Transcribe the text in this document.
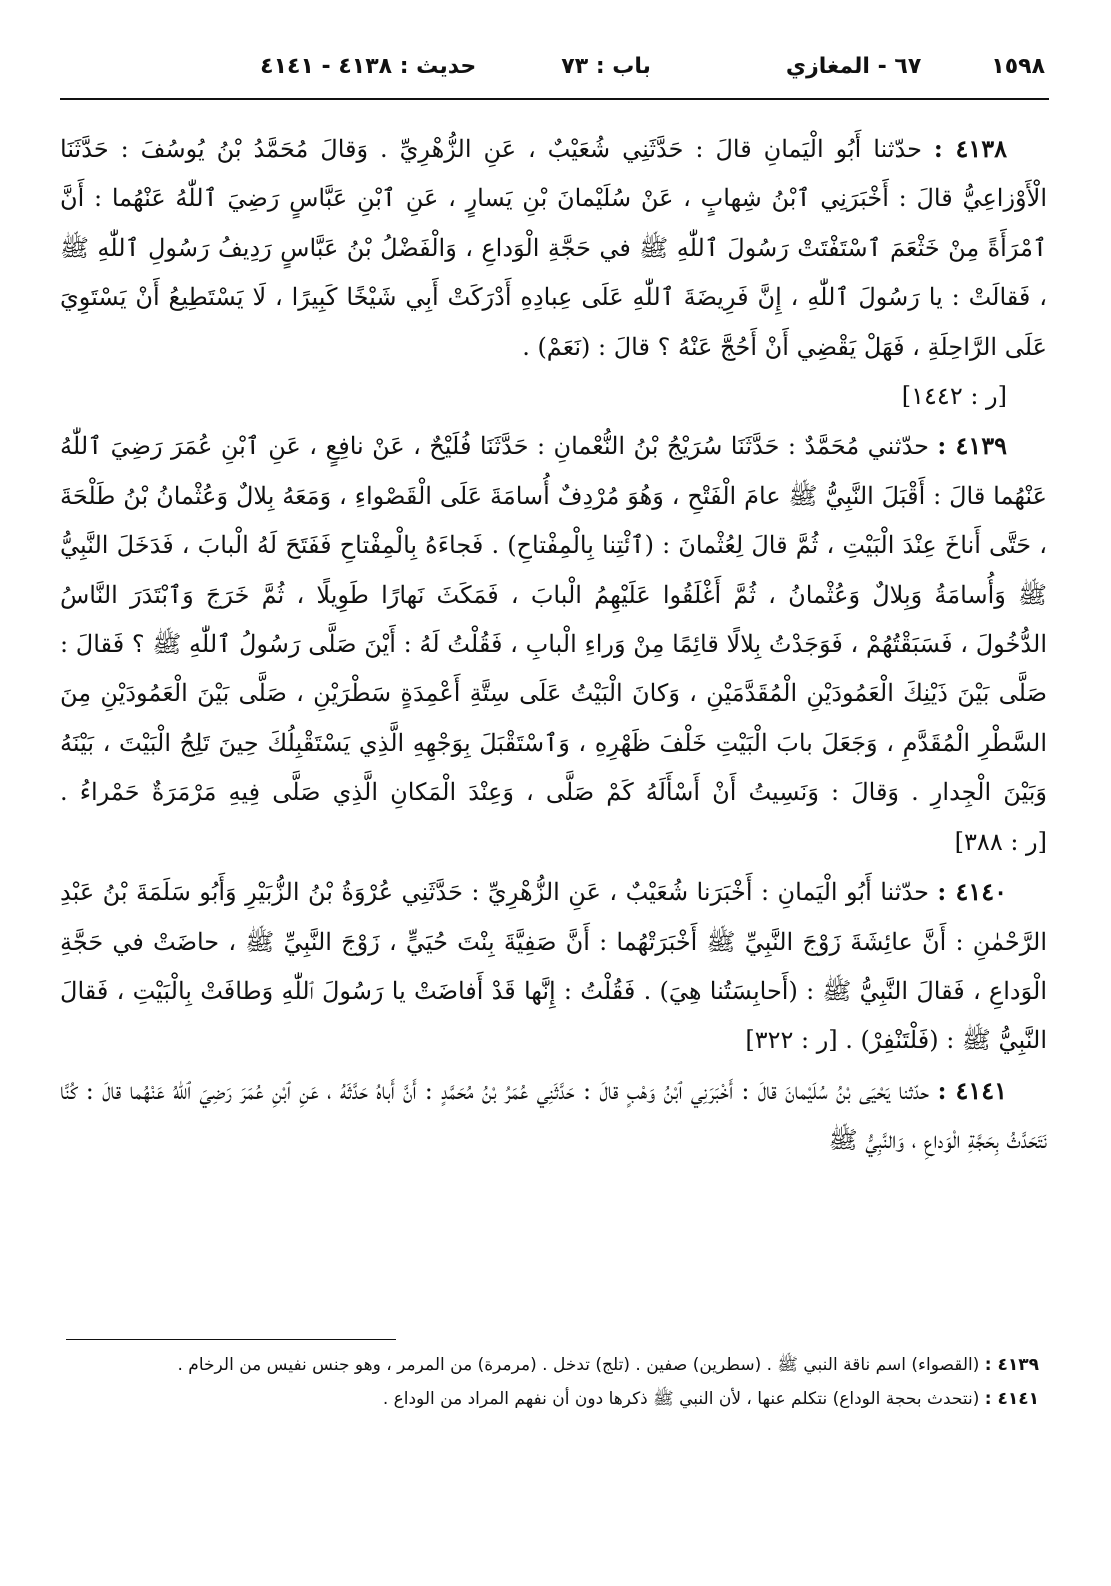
١٥٩٨
٦٧ - المغازي
باب : ٧٣
حديث : ٤١٣٨ - ٤١٤١

٤١٣٨ : حدّثنا أَبُو الْيَمانِ قالَ : حَدَّثَنِي شُعَيْبٌ ، عَنِ الزُّهْرِيِّ . وَقالَ مُحَمَّدُ بْنُ يُوسُفَ : حَدَّثَنَا الْأَوْزاعِيُّ قالَ : أَخْبَرَنِي ٱبْنُ شِهابٍ ، عَنْ سُلَيْمانَ بْنِ يَسارٍ ، عَنِ ٱبْنِ عَبَّاسٍ رَضِيَ ٱللّٰهُ عَنْهُما : أَنَّ ٱمْرَأَةً مِنْ خَثْعَمَ ٱسْتَفْتَتْ رَسُولَ ٱللّٰهِ ﷺ في حَجَّةِ الْوَداعِ ، وَالْفَضْلُ بْنُ عَبَّاسٍ رَدِيفُ رَسُولِ ٱللّٰهِ ﷺ ، فَقالَتْ : يا رَسُولَ ٱللّٰهِ ، إِنَّ فَرِيضَةَ ٱللّٰهِ عَلَى عِبادِهِ أَدْرَكَتْ أَبِي شَيْخًا كَبِيرًا ، لَا يَسْتَطِيعُ أَنْ يَسْتَوِيَ عَلَى الرَّاحِلَةِ ، فَهَلْ يَقْضِي أَنْ أَحُجَّ عَنْهُ ؟ قالَ : (نَعَمْ) .

[ر : ١٤٤٢]

٤١٣٩ : حدّثني مُحَمَّدٌ : حَدَّثَنَا سُرَيْجُ بْنُ النُّعْمانِ : حَدَّثَنَا فُلَيْحٌ ، عَنْ نافِعٍ ، عَنِ ٱبْنِ عُمَرَ رَضِيَ ٱللّٰهُ عَنْهُما قالَ : أَقْبَلَ النَّبِيُّ ﷺ عامَ الْفَتْحِ ، وَهُوَ مُرْدِفٌ أُسامَةَ عَلَى الْقَصْواءِ ، وَمَعَهُ بِلالٌ وَعُثْمانُ بْنُ طَلْحَةَ ، حَتَّى أَناخَ عِنْدَ الْبَيْتِ ، ثُمَّ قالَ لِعُثْمانَ : (ٱئْتِنا بِالْمِفْتاحِ) . فَجاءَهُ بِالْمِفْتاحِ فَفَتَحَ لَهُ الْبابَ ، فَدَخَلَ النَّبِيُّ ﷺ وَأُسامَةُ وَبِلالٌ وَعُثْمانُ ، ثُمَّ أَغْلَقُوا عَلَيْهِمُ الْبابَ ، فَمَكَثَ نَهارًا طَوِيلًا ، ثُمَّ خَرَجَ وَٱبْتَدَرَ النَّاسُ الدُّخُولَ ، فَسَبَقْتُهُمْ ، فَوَجَدْتُ بِلالًا قائِمًا مِنْ وَراءِ الْبابِ ، فَقُلْتُ لَهُ : أَيْنَ صَلَّى رَسُولُ ٱللّٰهِ ﷺ ؟ فَقالَ : صَلَّى بَيْنَ ذَيْنِكَ الْعَمُودَيْنِ الْمُقَدَّمَيْنِ ، وَكانَ الْبَيْتُ عَلَى سِتَّةِ أَعْمِدَةٍ سَطْرَيْنِ ، صَلَّى بَيْنَ الْعَمُودَيْنِ مِنَ السَّطْرِ الْمُقَدَّمِ ، وَجَعَلَ بابَ الْبَيْتِ خَلْفَ ظَهْرِهِ ، وَٱسْتَقْبَلَ بِوَجْهِهِ الَّذِي يَسْتَقْبِلُكَ حِينَ تَلِجُ الْبَيْتَ ، بَيْنَهُ وَبَيْنَ الْجِدارِ . وَقالَ : وَنَسِيتُ أَنْ أَسْأَلَهُ كَمْ صَلَّى ، وَعِنْدَ الْمَكانِ الَّذِي صَلَّى فِيهِ مَرْمَرَةٌ حَمْراءُ . [ر : ٣٨٨]

٤١٤٠ : حدّثنا أَبُو الْيَمانِ : أَخْبَرَنا شُعَيْبٌ ، عَنِ الزُّهْرِيِّ : حَدَّثَنِي عُرْوَةُ بْنُ الزُّبَيْرِ وَأَبُو سَلَمَةَ بْنُ عَبْدِ الرَّحْمٰنِ : أَنَّ عائِشَةَ زَوْجَ النَّبِيِّ ﷺ أَخْبَرَتْهُما : أَنَّ صَفِيَّةَ بِنْتَ حُيَيٍّ ، زَوْجَ النَّبِيِّ ﷺ ، حاضَتْ في حَجَّةِ الْوَداعِ ، فَقالَ النَّبِيُّ ﷺ : (أَحابِسَتُنا هِيَ) . فَقُلْتُ : إِنَّها قَدْ أَفاضَتْ يا رَسُولَ ٱللّٰهِ وَطافَتْ بِالْبَيْتِ ، فَقالَ النَّبِيُّ ﷺ : (فَلْتَنْفِرْ) . [ر : ٣٢٢]

٤١٤١ : حدّثنا يَحْيَى بْنُ سُلَيْمانَ قالَ : أَخْبَرَنِي ٱبْنُ وَهْبٍ قالَ : حَدَّثَنِي عُمَرُ بْنُ مُحَمَّدٍ : أَنَّ أَباهُ حَدَّثَهُ ، عَنِ ٱبْنِ عُمَرَ رَضِيَ ٱللّٰهُ عَنْهُما قالَ : كُنَّا نَتَحَدَّثُ بِحَجَّةِ الْوَداعِ ، وَالنَّبِيُّ ﷺ

٤١٣٩ : (القصواء) اسم ناقة النبي ﷺ . (سطرين) صفين . (تلج) تدخل . (مرمرة) من المرمر ، وهو جنس نفيس من الرخام .

٤١٤١ : (نتحدث بحجة الوداع) نتكلم عنها ، لأن النبي ﷺ ذكرها دون أن نفهم المراد من الوداع .
